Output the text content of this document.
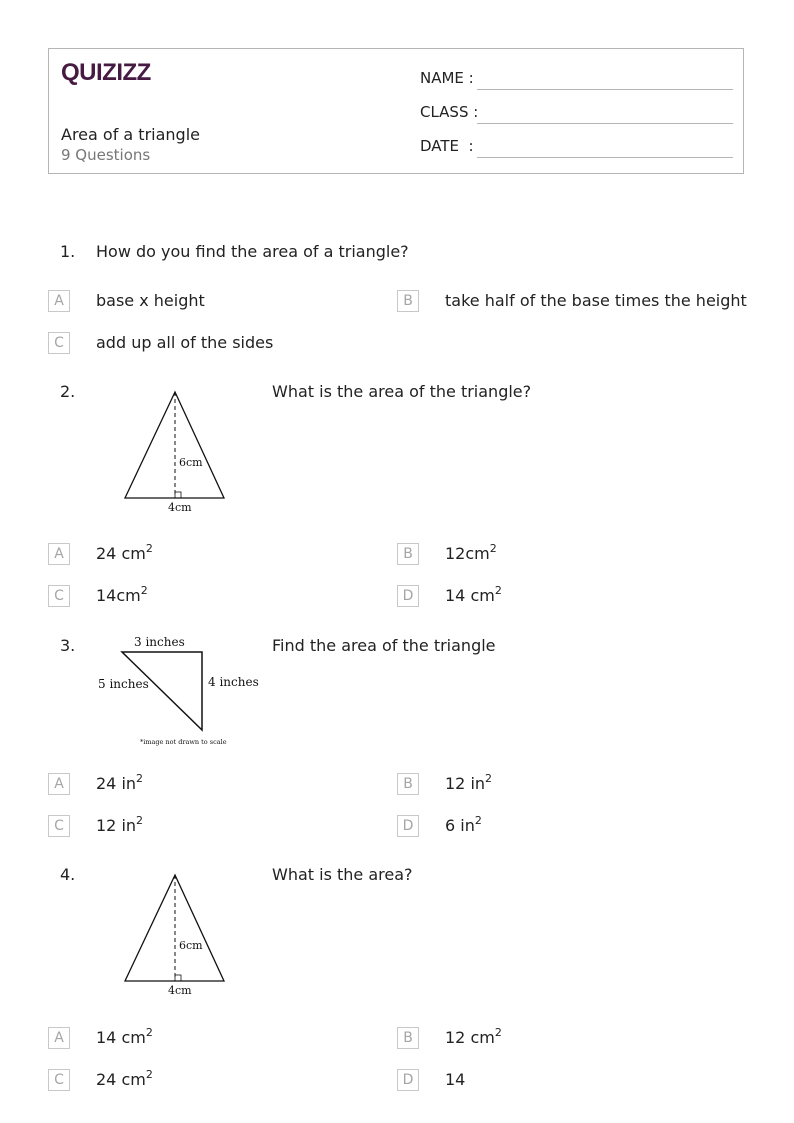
QUIZIZZ
Area of a triangle
9 Questions
NAME :
CLASS :
DATE  :
1. How do you find the area of a triangle?
A	base x height	B	take half of the base times the height
C	add up all of the sides
2.
6cm
4cm
What is the area of the triangle?
A	24 $cm^2$	B	$12cm^2$
C	$14cm^2$	D	14 $cm^2$
3.	3 inches
5 inches	4 inches
*image not drawn to scale
Find the area of the triangle
A	24 $in^2$	B	12 $in^2$
C	12 $in^2$	D	6 $in^2$
4.
6cm
4cm
What is the area?
A	14 $cm^2$	B	12 $cm^2$
C	24 $cm^2$	D	14
